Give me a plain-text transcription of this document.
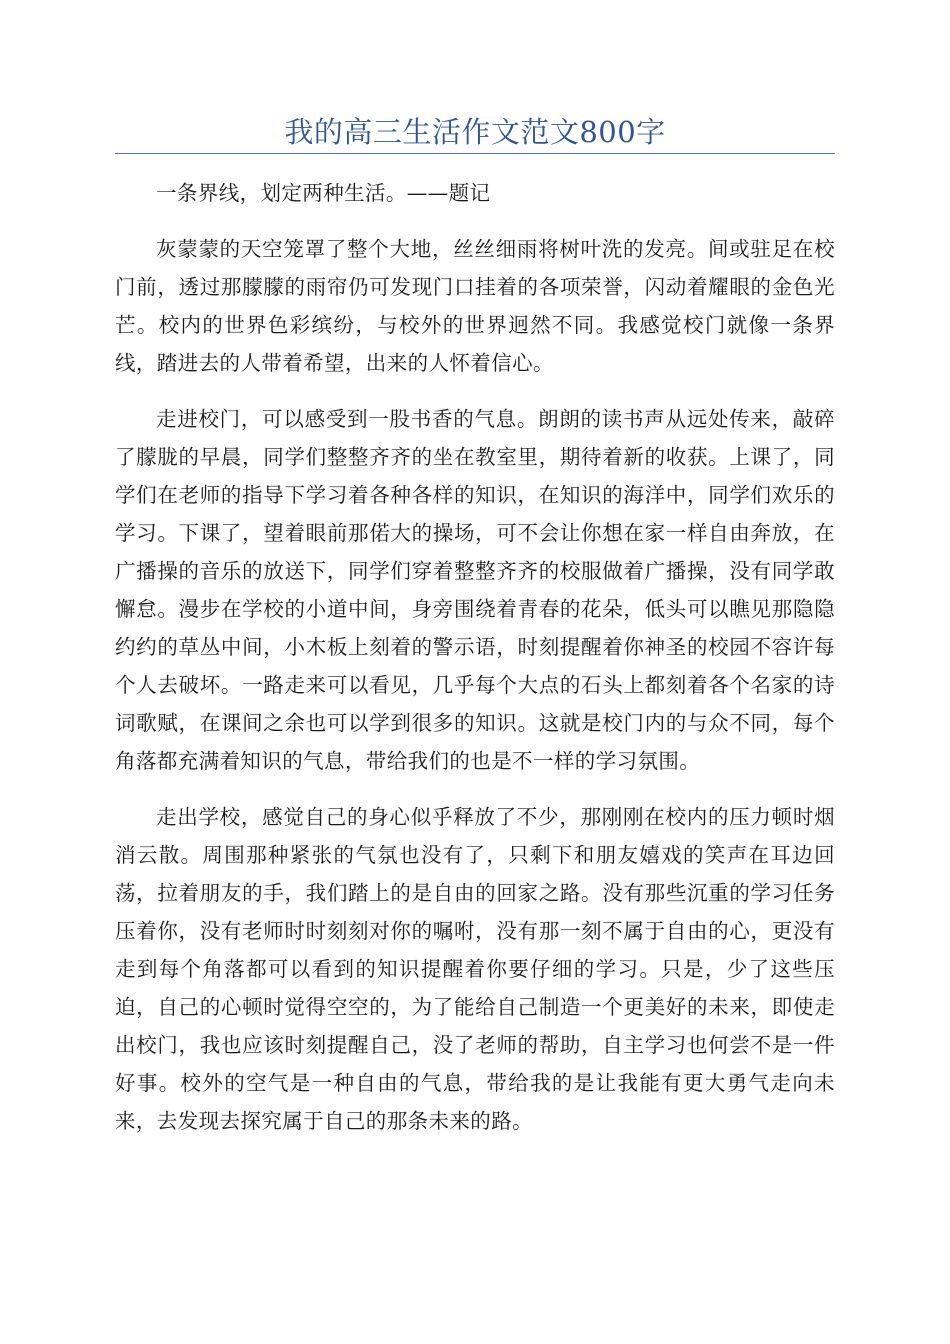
我的高三生活作文范文800字

一条界线，划定两种生活。——题记

灰蒙蒙的天空笼罩了整个大地，丝丝细雨将树叶洗的发亮。间或驻足在校门前，透过那朦朦的雨帘仍可发现门口挂着的各项荣誉，闪动着耀眼的金色光芒。校内的世界色彩缤纷，与校外的世界迥然不同。我感觉校门就像一条界线，踏进去的人带着希望，出来的人怀着信心。

走进校门，可以感受到一股书香的气息。朗朗的读书声从远处传来，敲碎了朦胧的早晨，同学们整整齐齐的坐在教室里，期待着新的收获。上课了，同学们在老师的指导下学习着各种各样的知识，在知识的海洋中，同学们欢乐的学习。下课了，望着眼前那偌大的操场，可不会让你想在家一样自由奔放，在广播操的音乐的放送下，同学们穿着整整齐齐的校服做着广播操，没有同学敢懈怠。漫步在学校的小道中间，身旁围绕着青春的花朵，低头可以瞧见那隐隐约约的草丛中间，小木板上刻着的警示语，时刻提醒着你神圣的校园不容许每个人去破坏。一路走来可以看见，几乎每个大点的石头上都刻着各个名家的诗词歌赋，在课间之余也可以学到很多的知识。这就是校门内的与众不同，每个角落都充满着知识的气息，带给我们的也是不一样的学习氛围。

走出学校，感觉自己的身心似乎释放了不少，那刚刚在校内的压力顿时烟消云散。周围那种紧张的气氛也没有了，只剩下和朋友嬉戏的笑声在耳边回荡，拉着朋友的手，我们踏上的是自由的回家之路。没有那些沉重的学习任务压着你，没有老师时时刻刻对你的嘱咐，没有那一刻不属于自由的心，更没有走到每个角落都可以看到的知识提醒着你要仔细的学习。只是，少了这些压迫，自己的心顿时觉得空空的，为了能给自己制造一个更美好的未来，即使走出校门，我也应该时刻提醒自己，没了老师的帮助，自主学习也何尝不是一件好事。校外的空气是一种自由的气息，带给我的是让我能有更大勇气走向未来，去发现去探究属于自己的那条未来的路。
